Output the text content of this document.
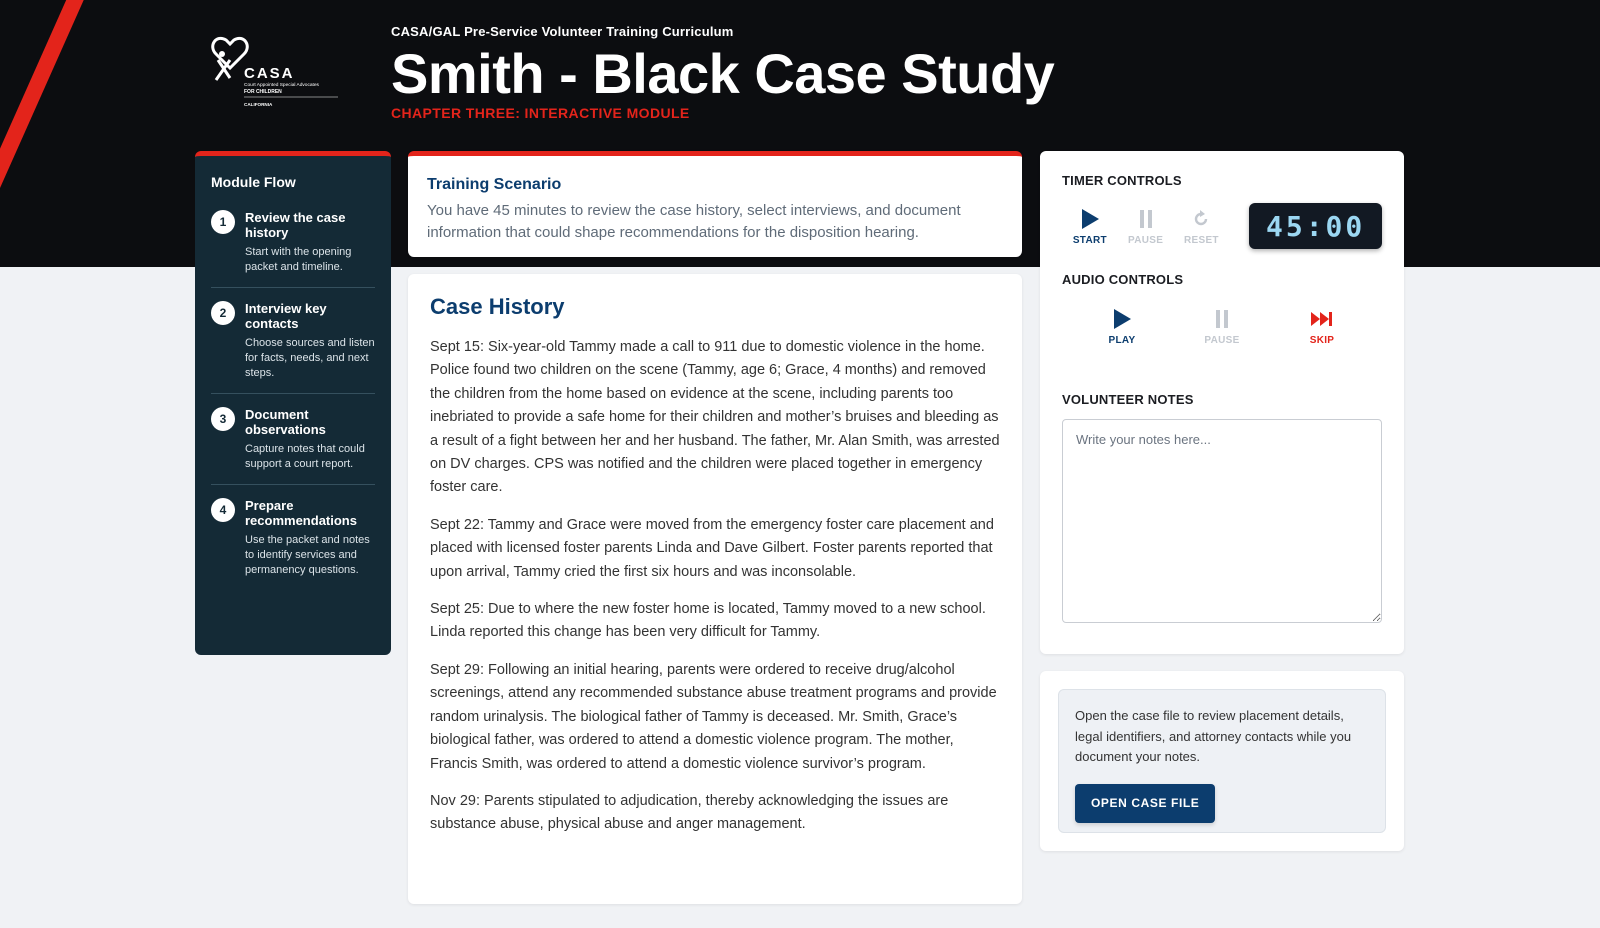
CASA
Court Appointed Special Advocates
FOR CHILDREN
CALIFORNIA
CASA/GAL Pre-Service Volunteer Training Curriculum
Smith - Black Case Study
CHAPTER THREE: INTERACTIVE MODULE
Module Flow
1	Review the case history
Start with the opening packet and timeline.
2	Interview key contacts
Choose sources and listen for facts, needs, and next steps.
3	Document observations
Capture notes that could support a court report.
4	Prepare recommendations
Use the packet and notes to identify services and permanency questions.
Training Scenario

You have 45 minutes to review the case history, select interviews, and document information that could shape recommendations for the disposition hearing.

Case History

Sept 15: Six-year-old Tammy made a call to 911 due to domestic violence in the home. Police found two children on the scene (Tammy, age 6; Grace, 4 months) and removed the children from the home based on evidence at the scene, including parents too inebriated to provide a safe home for their children and mother’s bruises and bleeding as a result of a fight between her and her husband. The father, Mr. Alan Smith, was arrested on DV charges. CPS was notified and the children were placed together in emergency foster care.

Sept 22: Tammy and Grace were moved from the emergency foster care placement and placed with licensed foster parents Linda and Dave Gilbert. Foster parents reported that upon arrival, Tammy cried the first six hours and was inconsolable.

Sept 25: Due to where the new foster home is located, Tammy moved to a new school. Linda reported this change has been very difficult for Tammy.

Sept 29: Following an initial hearing, parents were ordered to receive drug/alcohol screenings, attend any recommended substance abuse treatment programs and provide random urinalysis. The biological father of Tammy is deceased. Mr. Smith, Grace’s biological father, was ordered to attend a domestic violence program. The mother, Francis Smith, was ordered to attend a domestic violence survivor’s program.

Nov 29: Parents stipulated to adjudication, thereby acknowledging the issues are substance abuse, physical abuse and anger management.

TIMER CONTROLS
START PAUSE RESET	45:00
AUDIO CONTROLS
PLAY	PAUSE	SKIP
VOLUNTEER NOTES
Write your notes here...

Open the case file to review placement details, legal identifiers, and attorney contacts while you document your notes.

OPEN CASE FILE
